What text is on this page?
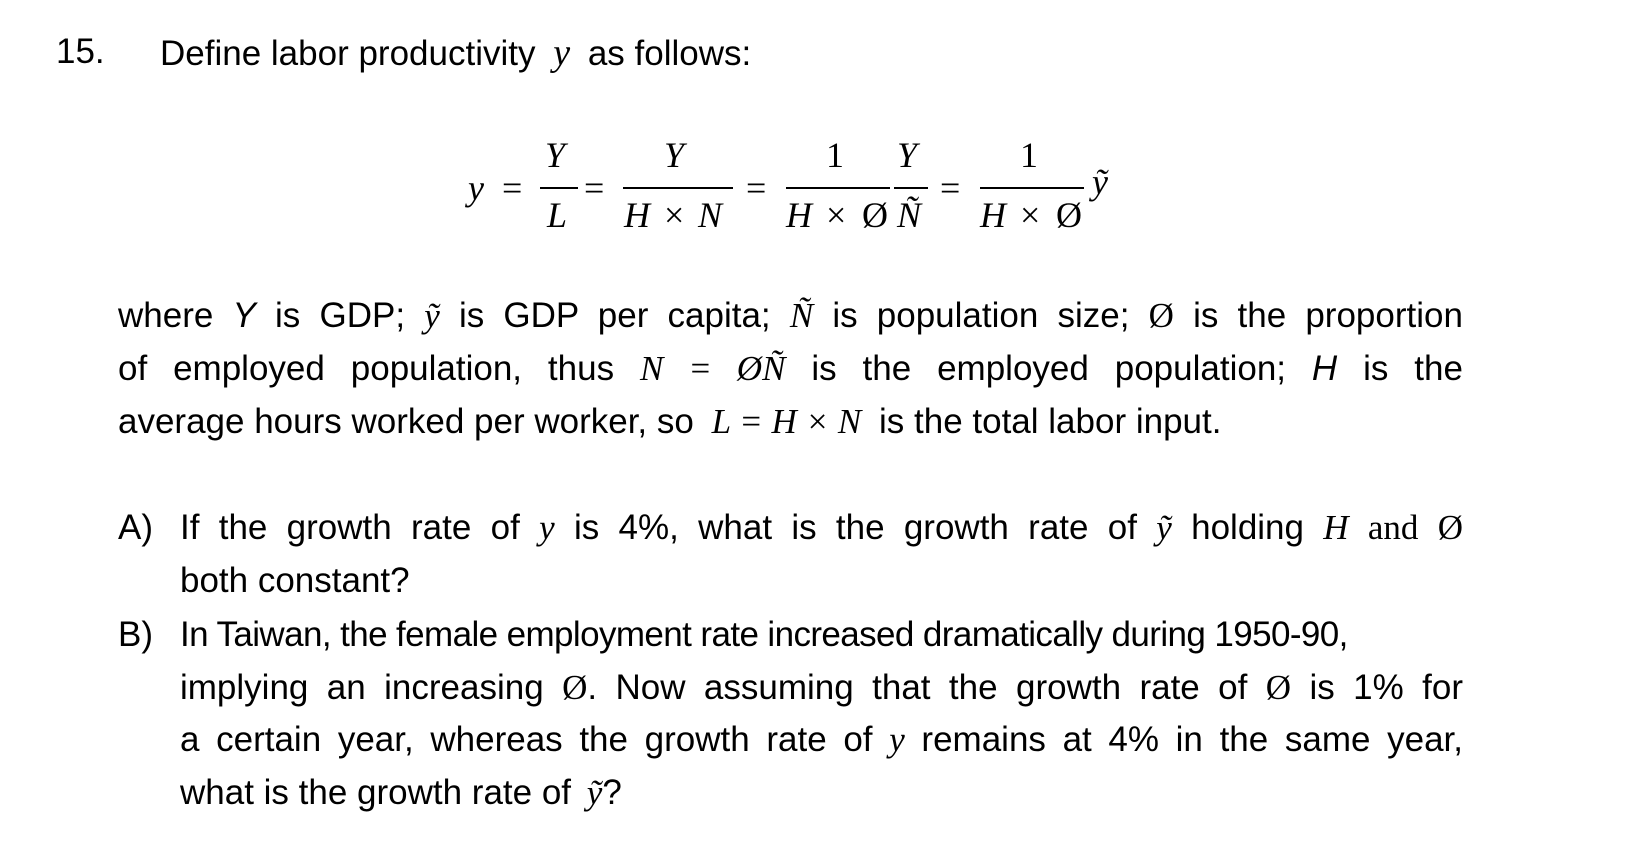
15. Define labor productivity y as follows:
y =
Y
L
=
Y
H × N
=
1
H × Ø
Y
Ñ
=
1
H × Ø
ỹ
where Y is GDP; ỹ is GDP per capita; Ñ is population size; Ø is the proportion
of employed population, thus N = ØÑ is the employed population; H is the
average hours worked per worker, so L = H × N is the total labor input.
A) If the growth rate of y is 4%, what is the growth rate of ỹ holding H and Ø
both constant?
B) In Taiwan, the female employment rate increased dramatically during 1950-90,
implying an increasing Ø. Now assuming that the growth rate of Ø is 1% for
a certain year, whereas the growth rate of y remains at 4% in the same year,
what is the growth rate of ỹ?
